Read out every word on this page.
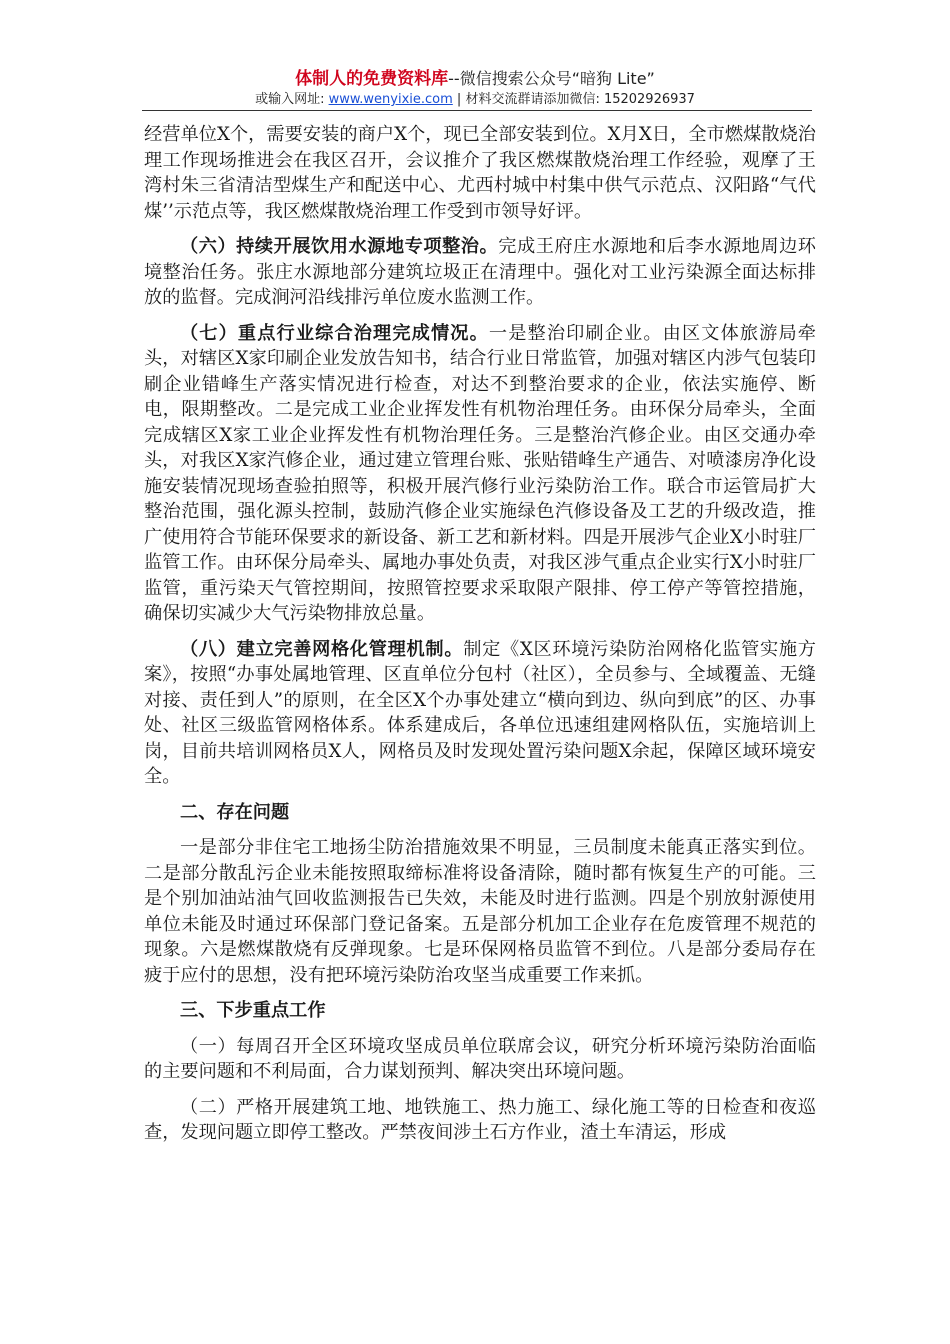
体制人的免费资料库--微信搜索公众号“暗狗 Lite”
或输入网址: www.wenyixie.com | 材料交流群请添加微信: 15202926937

经营单位X个，需要安装的商户X个，现已全部安装到位。X月X日，全市燃煤散烧治理工作现场推进会在我区召开，会议推介了我区燃煤散烧治理工作经验，观摩了王湾村朱三省清洁型煤生产和配送中心、尤西村城中村集中供气示范点、汉阳路“气代煤’’示范点等，我区燃煤散烧治理工作受到市领导好评。

（六）持续开展饮用水源地专项整治。完成王府庄水源地和后李水源地周边环境整治任务。张庄水源地部分建筑垃圾正在清理中。强化对工业污染源全面达标排放的监督。完成涧河沿线排污单位废水监测工作。

（七）重点行业综合治理完成情况。一是整治印刷企业。由区文体旅游局牵头，对辖区X家印刷企业发放告知书，结合行业日常监管，加强对辖区内涉气包装印刷企业错峰生产落实情况进行检查，对达不到整治要求的企业，依法实施停、断电，限期整改。二是完成工业企业挥发性有机物治理任务。由环保分局牵头，全面完成辖区X家工业企业挥发性有机物治理任务。三是整治汽修企业。由区交通办牵头，对我区X家汽修企业，通过建立管理台账、张贴错峰生产通告、对喷漆房净化设施安装情况现场查验拍照等，积极开展汽修行业污染防治工作。联合市运管局扩大整治范围，强化源头控制，鼓励汽修企业实施绿色汽修设备及工艺的升级改造，推广使用符合节能环保要求的新设备、新工艺和新材料。四是开展涉气企业X小时驻厂监管工作。由环保分局牵头、属地办事处负责，对我区涉气重点企业实行X小时驻厂监管，重污染天气管控期间，按照管控要求采取限产限排、停工停产等管控措施，确保切实减少大气污染物排放总量。

（八）建立完善网格化管理机制。制定《X区环境污染防治网格化监管实施方案》，按照“办事处属地管理、区直单位分包村（社区），全员参与、全域覆盖、无缝对接、责任到人”的原则，在全区X个办事处建立“横向到边、纵向到底”的区、办事处、社区三级监管网格体系。体系建成后，各单位迅速组建网格队伍，实施培训上岗，目前共培训网格员X人，网格员及时发现处置污染问题X余起，保障区域环境安全。

二、存在问题

一是部分非住宅工地扬尘防治措施效果不明显，三员制度未能真正落实到位。二是部分散乱污企业未能按照取缔标准将设备清除，随时都有恢复生产的可能。三是个别加油站油气回收监测报告已失效，未能及时进行监测。四是个别放射源使用单位未能及时通过环保部门登记备案。五是部分机加工企业存在危废管理不规范的现象。六是燃煤散烧有反弹现象。七是环保网格员监管不到位。八是部分委局存在疲于应付的思想，没有把环境污染防治攻坚当成重要工作来抓。

三、下步重点工作

（一）每周召开全区环境攻坚成员单位联席会议，研究分析环境污染防治面临的主要问题和不利局面，合力谋划预判、解决突出环境问题。

（二）严格开展建筑工地、地铁施工、热力施工、绿化施工等的日检查和夜巡查，发现问题立即停工整改。严禁夜间涉土石方作业，渣土车清运，形成
